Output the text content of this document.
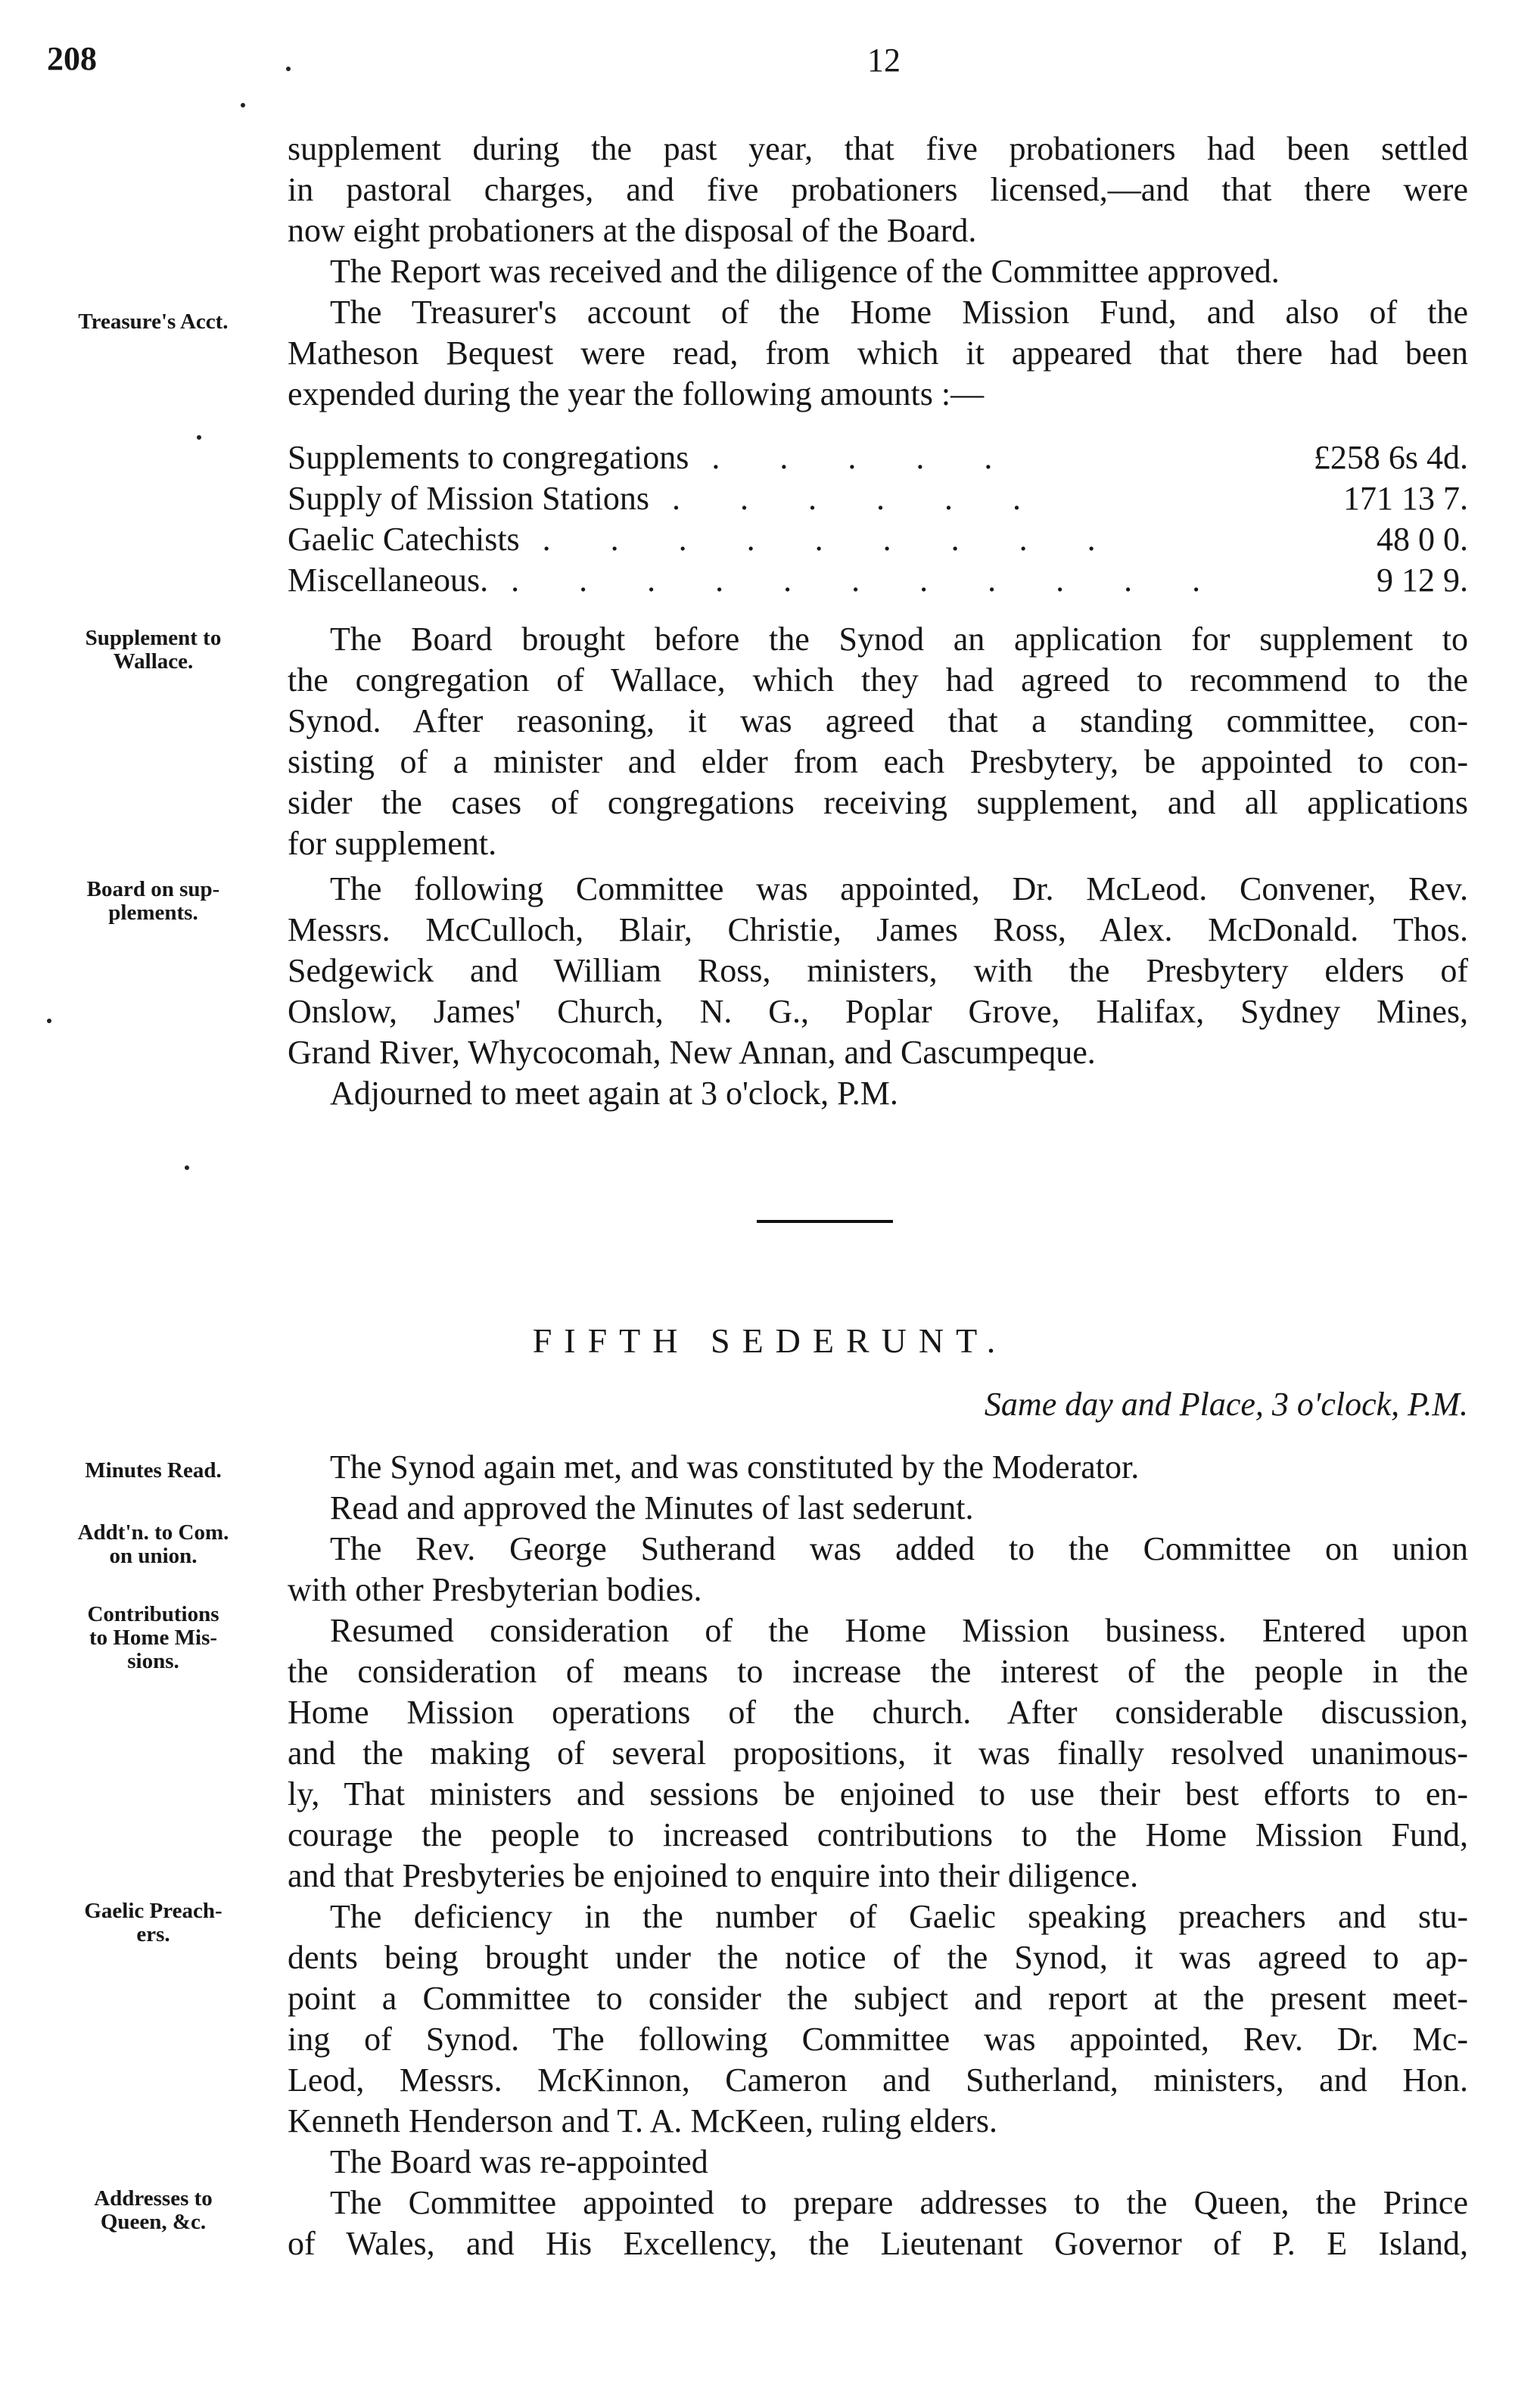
208	12

supplement during the past year, that five probationers had been settled

in pastoral charges, and five probationers licensed,—and that there were

now eight probationers at the disposal of the Board.

The Report was received and the diligence of the Committee approved.

The Treasurer's account of the Home Mission Fund, and also of the

Matheson Bequest were read, from which it appeared that there had been

expended during the year the following amounts :—

Supplements to congregations . . . . .	£258 6s 4d.
Supply of Mission Stations . . . . . .	171 13 7.
Gaelic Catechists . . . . . . . . .	48 0 0.
Miscellaneous. . . . . . . . . . . .	9 12 9.

The Board brought before the Synod an application for supplement to

the congregation of Wallace, which they had agreed to recommend to the

Synod. After reasoning, it was agreed that a standing committee, con-

sisting of a minister and elder from each Presbytery, be appointed to con-

sider the cases of congregations receiving supplement, and all applications

for supplement.

The following Committee was appointed, Dr. McLeod. Convener, Rev.

Messrs. McCulloch, Blair, Christie, James Ross, Alex. McDonald. Thos.

Sedgewick and William Ross, ministers, with the Presbytery elders of

Onslow, James' Church, N. G., Poplar Grove, Halifax, Sydney Mines,

Grand River, Whycocomah, New Annan, and Cascumpeque.

Adjourned to meet again at 3 o'clock, P.M.

FIFTH SEDERUNT.
Same day and Place, 3 o'clock, P.M.

The Synod again met, and was constituted by the Moderator.

Read and approved the Minutes of last sederunt.

The Rev. George Sutherand was added to the Committee on union

with other Presbyterian bodies.

Resumed consideration of the Home Mission business. Entered upon

the consideration of means to increase the interest of the people in the

Home Mission operations of the church. After considerable discussion,

and the making of several propositions, it was finally resolved unanimous-

ly, That ministers and sessions be enjoined to use their best efforts to en-

courage the people to increased contributions to the Home Mission Fund,

and that Presbyteries be enjoined to enquire into their diligence.

The deficiency in the number of Gaelic speaking preachers and stu-

dents being brought under the notice of the Synod, it was agreed to ap-

point a Committee to consider the subject and report at the present meet-

ing of Synod. The following Committee was appointed, Rev. Dr. Mc-

Leod, Messrs. McKinnon, Cameron and Sutherland, ministers, and Hon.

Kenneth Henderson and T. A. McKeen, ruling elders.

The Board was re-appointed

The Committee appointed to prepare addresses to the Queen, the Prince

of Wales, and His Excellency, the Lieutenant Governor of P. E Island,

Treasure's Acct.
Supplement to
Wallace.
Board on sup-
plements.
Minutes Read.
Addt'n. to Com.
on union.
Contributions
to Home Mis-
sions.
Gaelic Preach-
ers.
Addresses to
Queen, &c.
